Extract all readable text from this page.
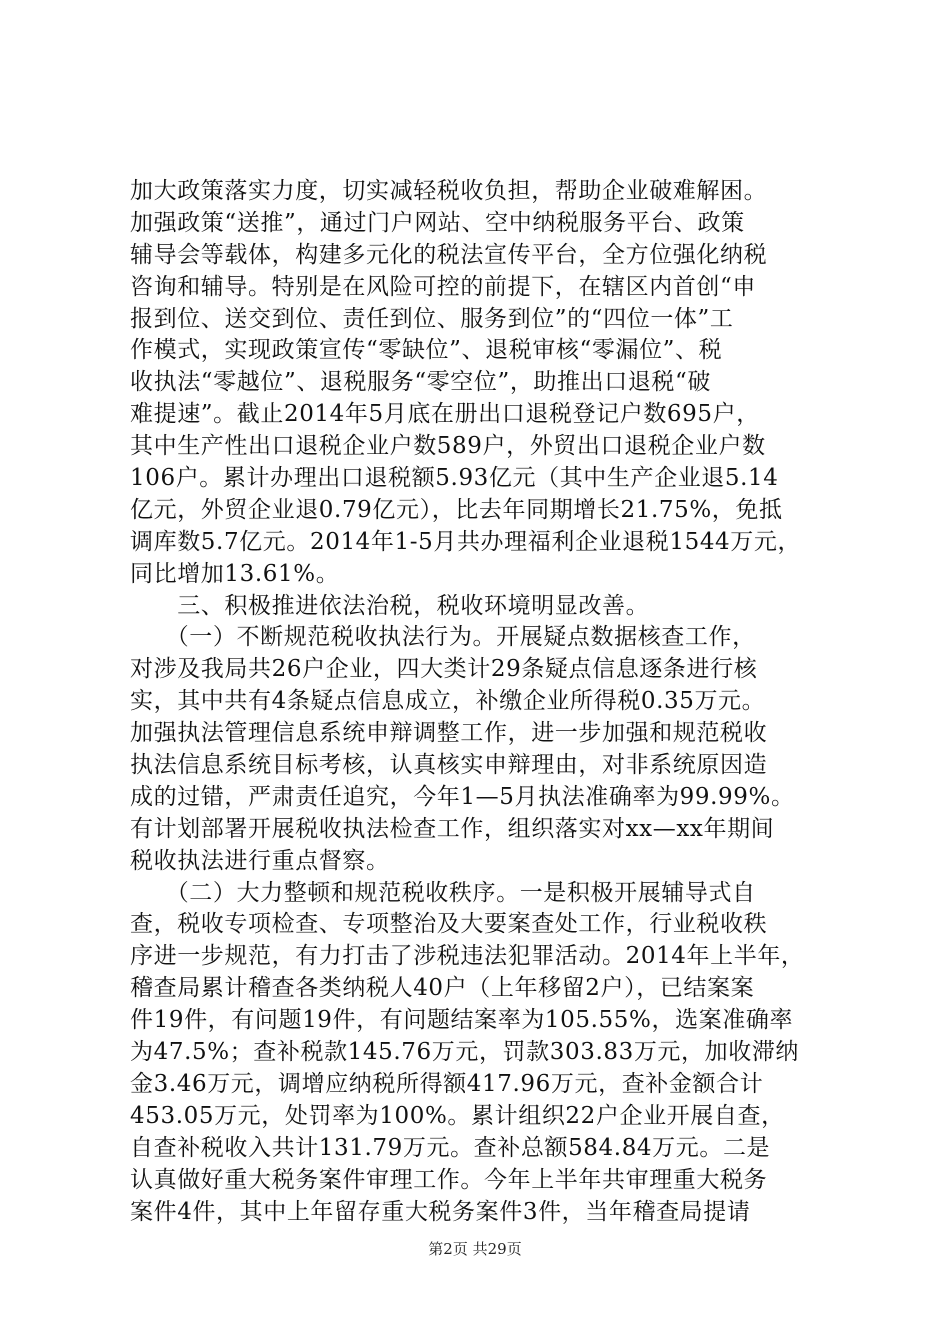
加大政策落实力度，切实减轻税收负担，帮助企业破难解困。
加强政策“送推”，通过门户网站、空中纳税服务平台、政策
辅导会等载体，构建多元化的税法宣传平台，全方位强化纳税
咨询和辅导。特别是在风险可控的前提下，在辖区内首创“申
报到位、送交到位、责任到位、服务到位”的“四位一体”工
作模式，实现政策宣传“零缺位”、退税审核“零漏位”、税
收执法“零越位”、退税服务“零空位”，助推出口退税“破
难提速”。截止2014年5月底在册出口退税登记户数695户，
其中生产性出口退税企业户数589户，外贸出口退税企业户数
106户。累计办理出口退税额5.93亿元（其中生产企业退5.14
亿元，外贸企业退0.79亿元），比去年同期增长21.75%，免抵
调库数5.7亿元。2014年1-5月共办理福利企业退税1544万元，
同比增加13.61%。
　　三、积极推进依法治税，税收环境明显改善。
　　（一）不断规范税收执法行为。开展疑点数据核查工作，
对涉及我局共26户企业，四大类计29条疑点信息逐条进行核
实，其中共有4条疑点信息成立，补缴企业所得税0.35万元。
加强执法管理信息系统申辩调整工作，进一步加强和规范税收
执法信息系统目标考核，认真核实申辩理由，对非系统原因造
成的过错，严肃责任追究，今年1—5月执法准确率为99.99%。
有计划部署开展税收执法检查工作，组织落实对xx—xx年期间
税收执法进行重点督察。
　　（二）大力整顿和规范税收秩序。一是积极开展辅导式自
查，税收专项检查、专项整治及大要案查处工作，行业税收秩
序进一步规范，有力打击了涉税违法犯罪活动。2014年上半年，
稽查局累计稽查各类纳税人40户（上年移留2户），已结案案
件19件，有问题19件，有问题结案率为105.55%，选案准确率
为47.5%；查补税款145.76万元，罚款303.83万元，加收滞纳
金3.46万元，调增应纳税所得额417.96万元，查补金额合计
453.05万元，处罚率为100%。累计组织22户企业开展自查，
自查补税收入共计131.79万元。查补总额584.84万元。二是
认真做好重大税务案件审理工作。今年上半年共审理重大税务
案件4件，其中上年留存重大税务案件3件，当年稽查局提请
第2页 共29页
